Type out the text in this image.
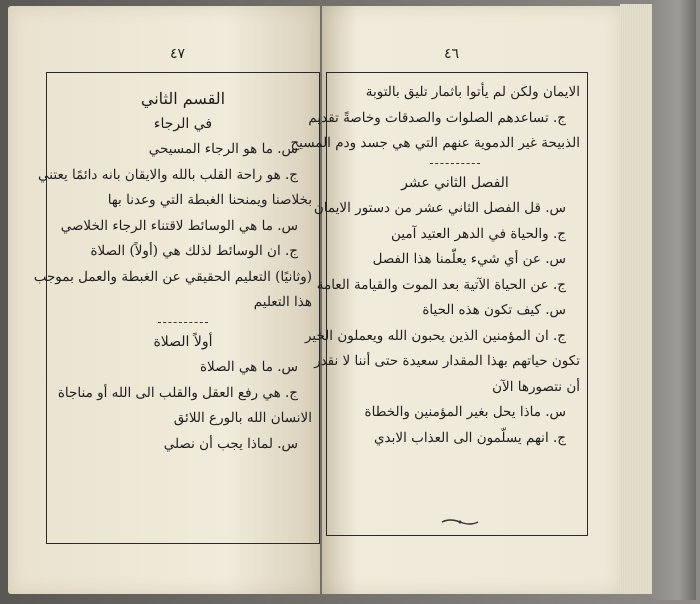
٤٧	٤٦
القسم الثاني
في الرجاء
س. ما هو الرجاء المسيحي
ج. هو راحة القلب بالله والايقان بانه دائمًا يعتني
بخلاصنا ويمنحنا الغبطة التي وعدنا بها
س. ما هي الوسائط لاقتناء الرجاء الخلاصي
ج. ان الوسائط لذلك هي (أولاً) الصلاة
(وثانيًا) التعليم الحقيقي عن الغبطة والعمل بموجب
هذا التعليم
أولاً الصلاة
س. ما هي الصلاة
ج. هي رفع العقل والقلب الى الله أو مناجاة
الانسان الله بالورع اللائق
س. لماذا يجب أن نصلي
الايمان ولكن لم يأتوا باثمار تليق بالتوبة
ج. تساعدهم الصلوات والصدقات وخاصةً تقديم
الذبيحة غير الدموية عنهم التي هي جسد ودم المسيح
الفصل الثاني عشر
س. قل الفصل الثاني عشر من دستور الايمان
ج. والحياة في الدهر العتيد آمين
س. عن أي شيء يعلّمنا هذا الفصل
ج. عن الحياة الآتية بعد الموت والقيامة العامة
س. كيف تكون هذه الحياة
ج. ان المؤمنين الذين يحبون الله ويعملون الخير
تكون حياتهم بهذا المقدار سعيدة حتى أننا لا نقدر
أن نتصورها الآن
س. ماذا يحل بغير المؤمنين والخطاة
ج. انهم يسلّمون الى العذاب الابدي
